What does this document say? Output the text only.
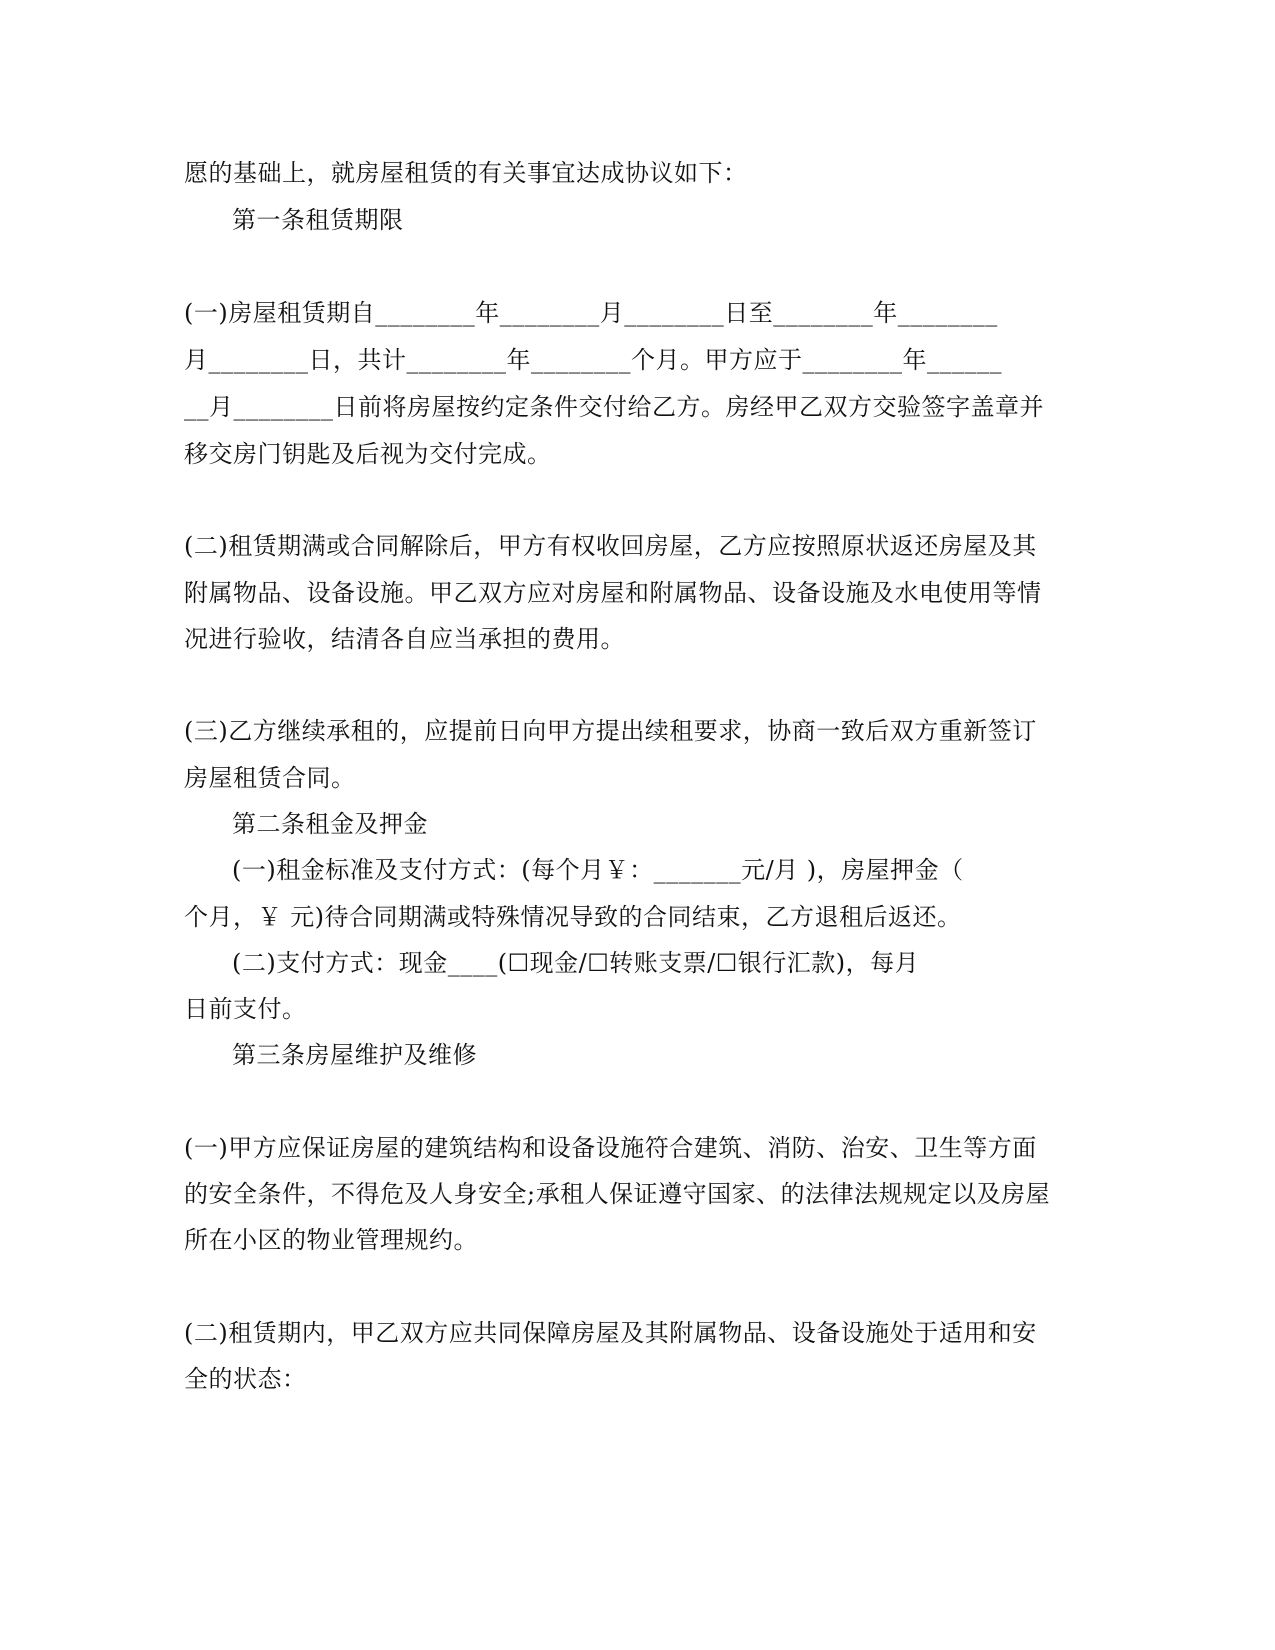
愿的基础上，就房屋租赁的有关事宜达成协议如下：
第一条租赁期限
(一)房屋租赁期自________年________月________日至________年________
月________日，共计________年________个月。甲方应于________年______
__月________日前将房屋按约定条件交付给乙方。房经甲乙双方交验签字盖章并
移交房门钥匙及后视为交付完成。
(二)租赁期满或合同解除后，甲方有权收回房屋，乙方应按照原状返还房屋及其
附属物品、设备设施。甲乙双方应对房屋和附属物品、设备设施及水电使用等情
况进行验收，结清各自应当承担的费用。
(三)乙方继续承租的，应提前日向甲方提出续租要求，协商一致后双方重新签订
房屋租赁合同。
第二条租金及押金
(一)租金标准及支付方式：(每个月￥：_______元/月 )，房屋押金（
个月，￥ 元)待合同期满或特殊情况导致的合同结束，乙方退租后返还。
(二)支付方式：现金____(☐现金/☐转账支票/☐银行汇款)，每月
日前支付。
第三条房屋维护及维修
(一)甲方应保证房屋的建筑结构和设备设施符合建筑、消防、治安、卫生等方面
的安全条件，不得危及人身安全;承租人保证遵守国家、的法律法规规定以及房屋
所在小区的物业管理规约。
(二)租赁期内，甲乙双方应共同保障房屋及其附属物品、设备设施处于适用和安
全的状态：
